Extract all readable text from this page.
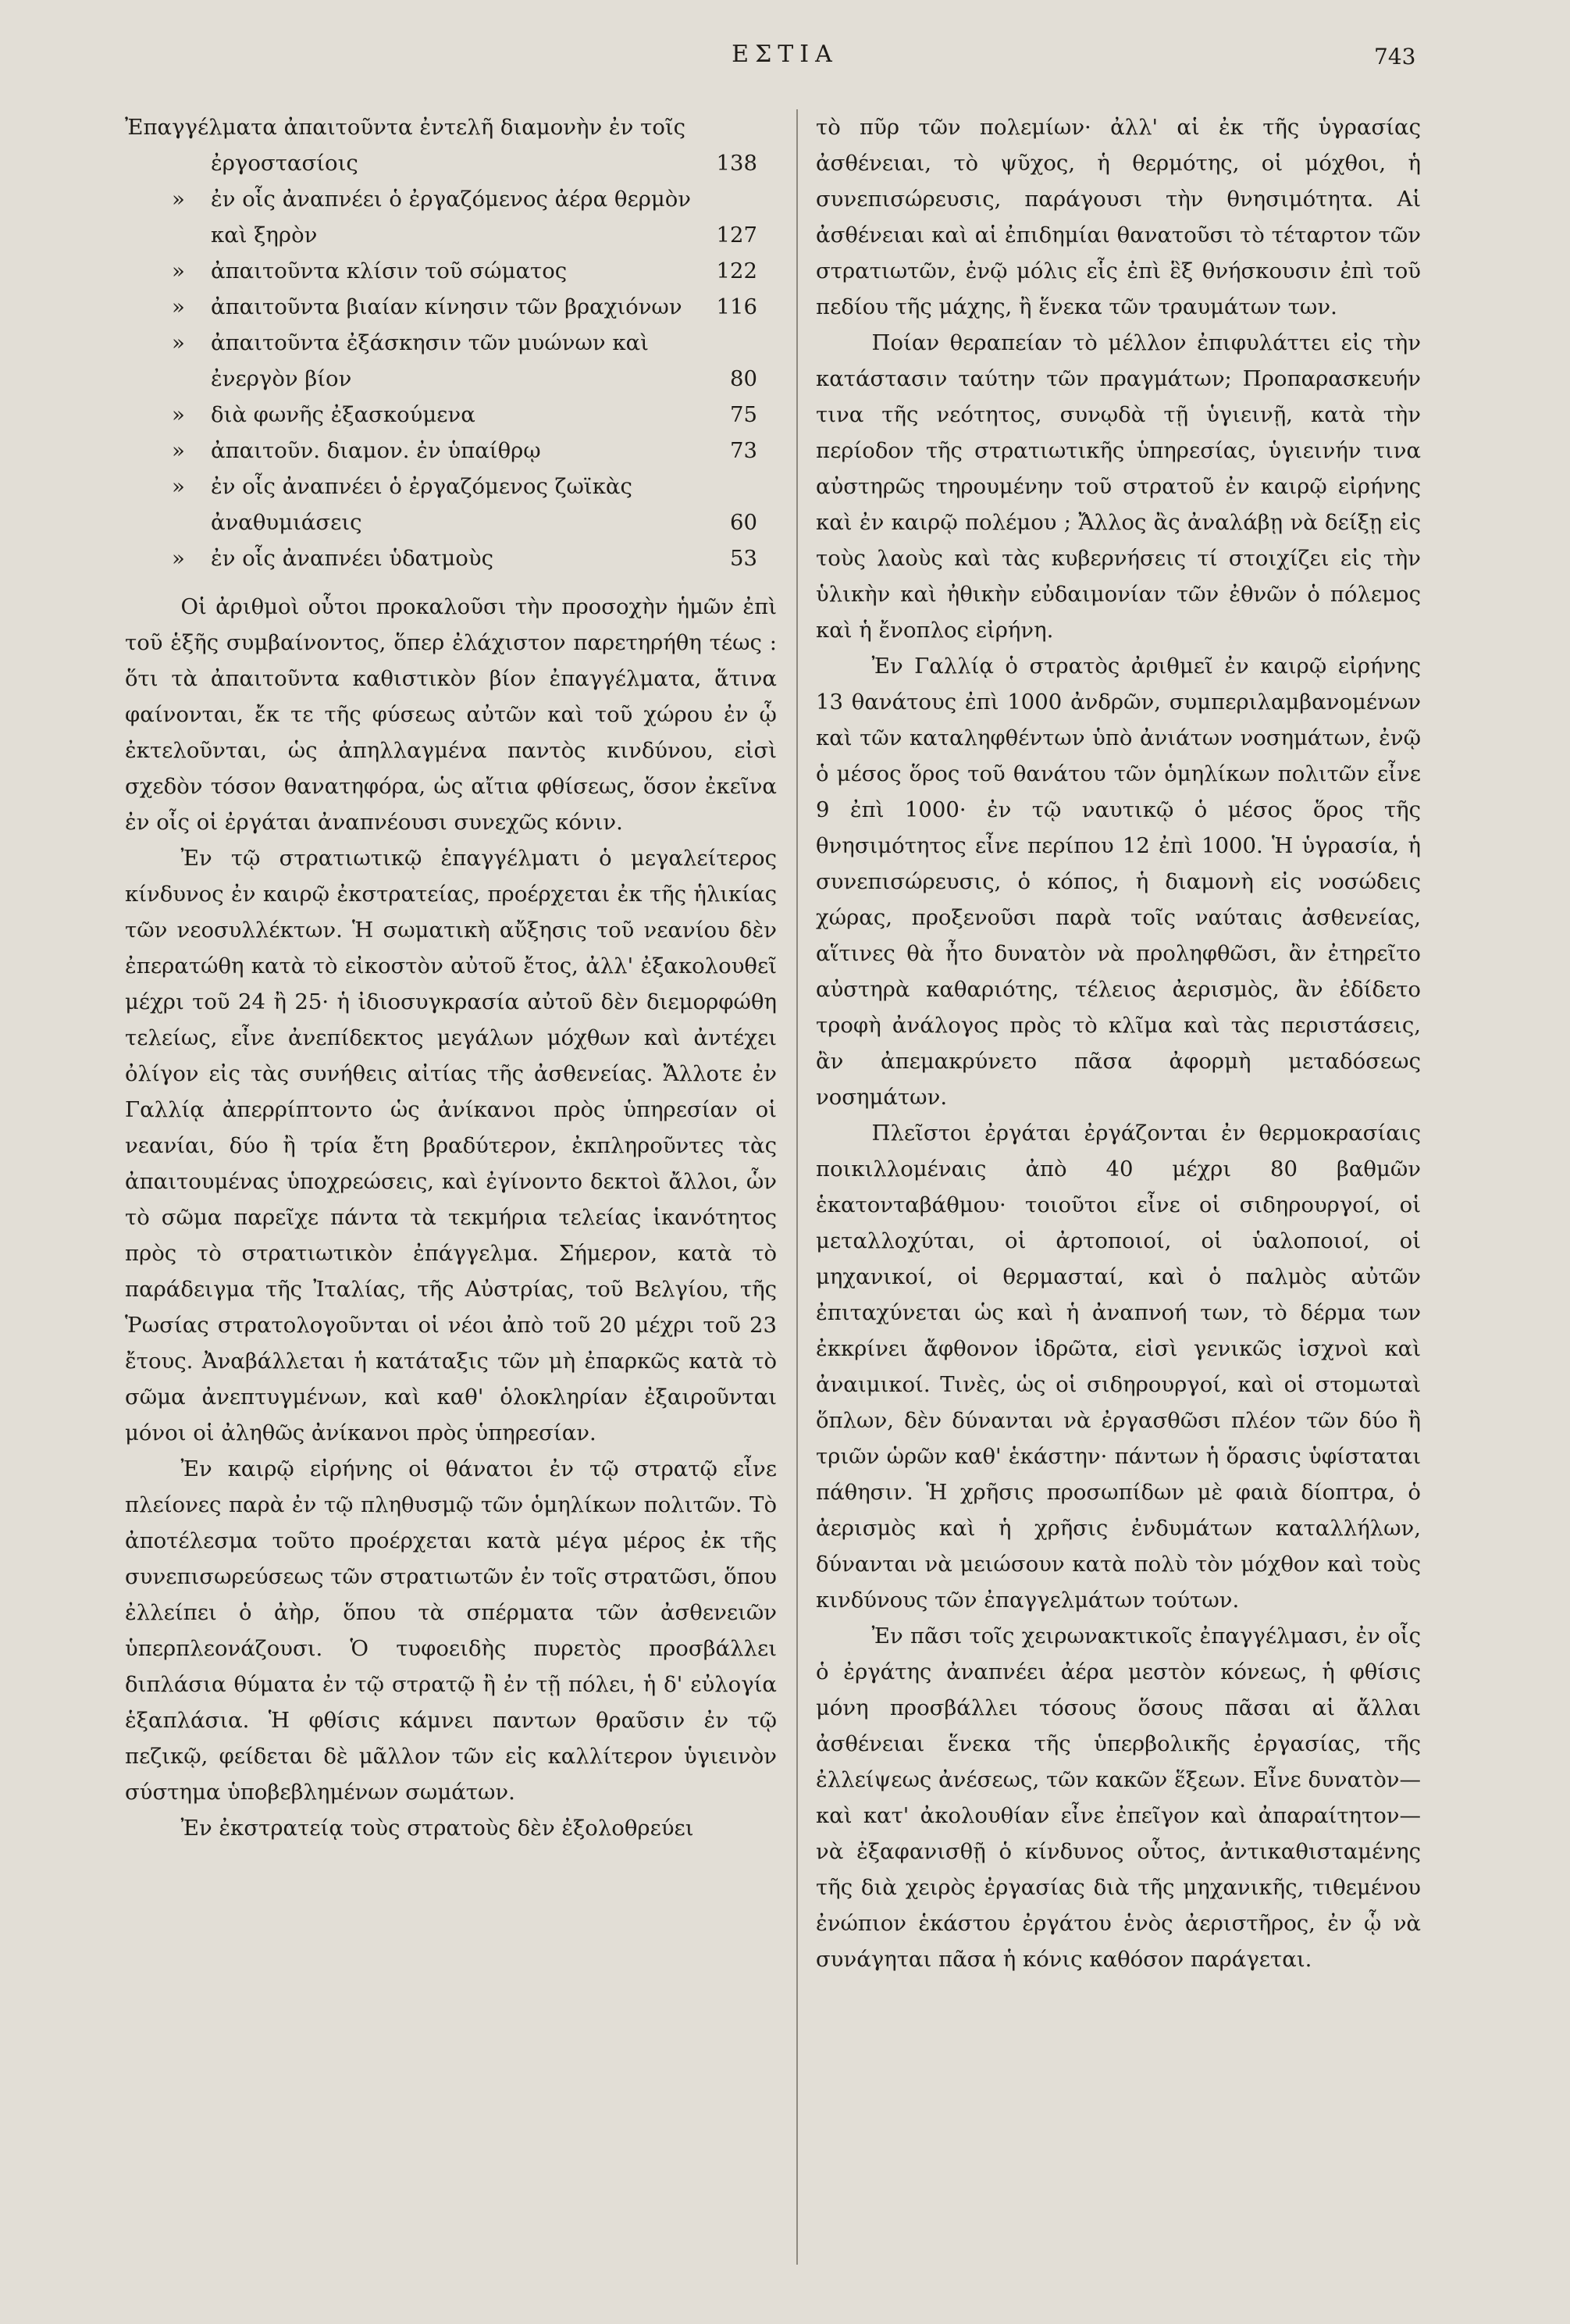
ΕΣΤΙΑ	743
Ἐπαγγέλματα ἀπαιτοῦντα ἐντελῆ διαμονὴν ἐν τοῖς ἐργοστασίοις	138
» ἐν οἷς ἀναπνέει ὁ ἐργαζόμενος ἀέρα θερμὸν καὶ ξηρὸν	127
» ἀπαιτοῦντα κλίσιν τοῦ σώματος	122
» ἀπαιτοῦντα βιαίαν κίνησιν τῶν βραχιόνων	116
» ἀπαιτοῦντα ἐξάσκησιν τῶν μυώνων καὶ ἐνεργὸν βίον	80
» διὰ φωνῆς ἐξασκούμενα	75
» ἀπαιτοῦν. διαμον. ἐν ὑπαίθρῳ	73
» ἐν οἷς ἀναπνέει ὁ ἐργαζόμενος ζωϊκὰς ἀναθυμιάσεις	60
» ἐν οἷς ἀναπνέει ὑδατμοὺς	53

Οἱ ἀριθμοὶ οὗτοι προκαλοῦσι τὴν προσοχὴν ἡμῶν ἐπὶ τοῦ ἑξῆς συμβαίνοντος, ὅπερ ἐλάχιστον παρετηρήθη τέως : ὅτι τὰ ἀπαιτοῦντα καθιστικὸν βίον ἐπαγγέλματα, ἅτινα φαίνονται, ἔκ τε τῆς φύσεως αὐτῶν καὶ τοῦ χώρου ἐν ᾧ ἐκτελοῦνται, ὡς ἀπηλλαγμένα παντὸς κινδύνου, εἰσὶ σχεδὸν τόσον θανατηφόρα, ὡς αἴτια φθίσεως, ὅσον ἐκεῖνα ἐν οἷς οἱ ἐργάται ἀναπνέουσι συνεχῶς κόνιν.

Ἐν τῷ στρατιωτικῷ ἐπαγγέλματι ὁ μεγαλείτερος κίνδυνος ἐν καιρῷ ἐκστρατείας, προέρχεται ἐκ τῆς ἡλικίας τῶν νεοσυλλέκτων. Ἡ σωματικὴ αὔξησις τοῦ νεανίου δὲν ἐπερατώθη κατὰ τὸ εἰκοστὸν αὐτοῦ ἔτος, ἀλλ' ἐξακολουθεῖ μέχρι τοῦ 24 ἢ 25· ἡ ἰδιοσυγκρασία αὐτοῦ δὲν διεμορφώθη τελείως, εἶνε ἀνεπίδεκτος μεγάλων μόχθων καὶ ἀντέχει ὀλίγον εἰς τὰς συνήθεις αἰτίας τῆς ἀσθενείας. Ἄλλοτε ἐν Γαλλίᾳ ἀπερρίπτοντο ὡς ἀνίκανοι πρὸς ὑπηρεσίαν οἱ νεανίαι, δύο ἢ τρία ἔτη βραδύτερον, ἐκπληροῦντες τὰς ἀπαιτουμένας ὑποχρεώσεις, καὶ ἐγίνοντο δεκτοὶ ἄλλοι, ὧν τὸ σῶμα παρεῖχε πάντα τὰ τεκμήρια τελείας ἱκανότητος πρὸς τὸ στρατιωτικὸν ἐπάγγελμα. Σήμερον, κατὰ τὸ παράδειγμα τῆς Ἰταλίας, τῆς Αὐστρίας, τοῦ Βελγίου, τῆς Ῥωσίας στρατολογοῦνται οἱ νέοι ἀπὸ τοῦ 20 μέχρι τοῦ 23 ἔτους. Ἀναβάλλεται ἡ κατάταξις τῶν μὴ ἐπαρκῶς κατὰ τὸ σῶμα ἀνεπτυγμένων, καὶ καθ' ὁλοκληρίαν ἐξαιροῦνται μόνοι οἱ ἀληθῶς ἀνίκανοι πρὸς ὑπηρεσίαν.

Ἐν καιρῷ εἰρήνης οἱ θάνατοι ἐν τῷ στρατῷ εἶνε πλείονες παρὰ ἐν τῷ πληθυσμῷ τῶν ὁμηλίκων πολιτῶν. Τὸ ἀποτέλεσμα τοῦτο προέρχεται κατὰ μέγα μέρος ἐκ τῆς συνεπισωρεύσεως τῶν στρατιωτῶν ἐν τοῖς στρατῶσι, ὅπου ἐλλείπει ὁ ἀὴρ, ὅπου τὰ σπέρματα τῶν ἀσθενειῶν ὑπερπλεονάζουσι. Ὁ τυφοειδὴς πυρετὸς προσβάλλει διπλάσια θύματα ἐν τῷ στρατῷ ἢ ἐν τῇ πόλει, ἡ δ' εὐλογία ἑξαπλάσια. Ἡ φθίσις κάμνει παντων θραῦσιν ἐν τῷ πεζικῷ, φείδεται δὲ μᾶλλον τῶν εἰς καλλίτερον ὑγιεινὸν σύστημα ὑποβεβλημένων σωμάτων.

Ἐν ἐκστρατείᾳ τοὺς στρατοὺς δὲν ἐξολοθρεύει

τὸ πῦρ τῶν πολεμίων· ἀλλ' αἱ ἐκ τῆς ὑγρασίας ἀσθένειαι, τὸ ψῦχος, ἡ θερμότης, οἱ μόχθοι, ἡ συνεπισώρευσις, παράγουσι τὴν θνησιμότητα. Αἱ ἀσθένειαι καὶ αἱ ἐπιδημίαι θανατοῦσι τὸ τέταρτον τῶν στρατιωτῶν, ἐνῷ μόλις εἷς ἐπὶ ἓξ θνήσκουσιν ἐπὶ τοῦ πεδίου τῆς μάχης, ἢ ἕνεκα τῶν τραυμάτων των.

Ποίαν θεραπείαν τὸ μέλλον ἐπιφυλάττει εἰς τὴν κατάστασιν ταύτην τῶν πραγμάτων; Προπαρασκευήν τινα τῆς νεότητος, συνῳδὰ τῇ ὑγιεινῇ, κατὰ τὴν περίοδον τῆς στρατιωτικῆς ὑπηρεσίας, ὑγιεινήν τινα αὐστηρῶς τηρουμένην τοῦ στρατοῦ ἐν καιρῷ εἰρήνης καὶ ἐν καιρῷ πολέμου ; Ἄλλος ἂς ἀναλάβῃ νὰ δείξῃ εἰς τοὺς λαοὺς καὶ τὰς κυβερνήσεις τί στοιχίζει εἰς τὴν ὑλικὴν καὶ ἠθικὴν εὐδαιμονίαν τῶν ἐθνῶν ὁ πόλεμος καὶ ἡ ἔνοπλος εἰρήνη.

Ἐν Γαλλίᾳ ὁ στρατὸς ἀριθμεῖ ἐν καιρῷ εἰρήνης 13 θανάτους ἐπὶ 1000 ἀνδρῶν, συμπεριλαμβανομένων καὶ τῶν καταληφθέντων ὑπὸ ἀνιάτων νοσημάτων, ἐνῷ ὁ μέσος ὅρος τοῦ θανάτου τῶν ὁμηλίκων πολιτῶν εἶνε 9 ἐπὶ 1000· ἐν τῷ ναυτικῷ ὁ μέσος ὅρος τῆς θνησιμότητος εἶνε περίπου 12 ἐπὶ 1000. Ἡ ὑγρασία, ἡ συνεπισώρευσις, ὁ κόπος, ἡ διαμονὴ εἰς νοσώδεις χώρας, προξενοῦσι παρὰ τοῖς ναύταις ἀσθενείας, αἵτινες θὰ ἦτο δυνατὸν νὰ προληφθῶσι, ἂν ἐτηρεῖτο αὐστηρὰ καθαριότης, τέλειος ἀερισμὸς, ἂν ἐδίδετο τροφὴ ἀνάλογος πρὸς τὸ κλῖμα καὶ τὰς περιστάσεις, ἂν ἀπεμακρύνετο πᾶσα ἀφορμὴ μεταδόσεως νοσημάτων.

Πλεῖστοι ἐργάται ἐργάζονται ἐν θερμοκρασίαις ποικιλλομέναις ἀπὸ 40 μέχρι 80 βαθμῶν ἑκατονταβάθμου· τοιοῦτοι εἶνε οἱ σιδηρουργοί, οἱ μεταλλοχύται, οἱ ἀρτοποιοί, οἱ ὑαλοποιοί, οἱ μηχανικοί, οἱ θερμασταί, καὶ ὁ παλμὸς αὐτῶν ἐπιταχύνεται ὡς καὶ ἡ ἀναπνοή των, τὸ δέρμα των ἐκκρίνει ἄφθονον ἱδρῶτα, εἰσὶ γενικῶς ἰσχνοὶ καὶ ἀναιμικοί. Τινὲς, ὡς οἱ σιδηρουργοί, καὶ οἱ στομωταὶ ὅπλων, δὲν δύνανται νὰ ἐργασθῶσι πλέον τῶν δύο ἢ τριῶν ὡρῶν καθ' ἑκάστην· πάντων ἡ ὅρασις ὑφίσταται πάθησιν. Ἡ χρῆσις προσωπίδων μὲ φαιὰ δίοπτρα, ὁ ἀερισμὸς καὶ ἡ χρῆσις ἐνδυμάτων καταλλήλων, δύνανται νὰ μειώσουν κατὰ πολὺ τὸν μόχθον καὶ τοὺς κινδύνους τῶν ἐπαγγελμάτων τούτων.

Ἐν πᾶσι τοῖς χειρωνακτικοῖς ἐπαγγέλμασι, ἐν οἷς ὁ ἐργάτης ἀναπνέει ἀέρα μεστὸν κόνεως, ἡ φθίσις μόνη προσβάλλει τόσους ὅσους πᾶσαι αἱ ἄλλαι ἀσθένειαι ἕνεκα τῆς ὑπερβολικῆς ἐργασίας, τῆς ἐλλείψεως ἀνέσεως, τῶν κακῶν ἕξεων. Εἶνε δυνατὸν—καὶ κατ' ἀκολουθίαν εἶνε ἐπεῖγον καὶ ἀπαραίτητον—νὰ ἐξαφανισθῇ ὁ κίνδυνος οὗτος, ἀντικαθισταμένης τῆς διὰ χειρὸς ἐργασίας διὰ τῆς μηχανικῆς, τιθεμένου ἐνώπιον ἑκάστου ἐργάτου ἑνὸς ἀεριστῆρος, ἐν ᾧ νὰ συνάγηται πᾶσα ἡ κόνις καθόσον παράγεται.
